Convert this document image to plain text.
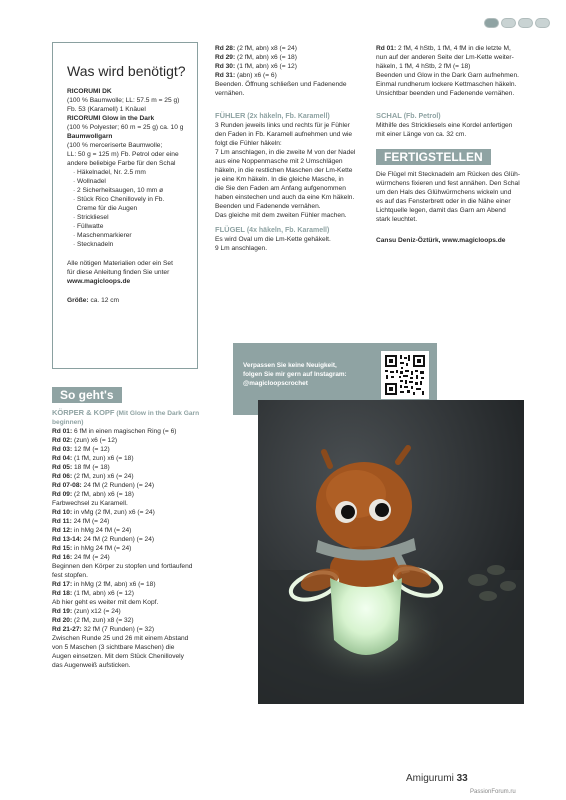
Was wird benötigt?
RICORUMI DK
(100 % Baumwolle; LL: 57.5 m = 25 g)
Fb. 53 (Karamell) 1 Knäuel
RICORUMI Glow in the Dark
(100 % Polyester; 60 m = 25 g) ca. 10 g
Baumwollgarn
(100 % merceriserte Baumwolle;
LL: 50 g = 125 m) Fb. Petrol oder eine
andere beliebige Farbe für den Schal
· Häkelnadel, Nr. 2.5 mm
· Wollnadel
· 2 Sicherheitsaugen, 10 mm ø
· Stück Rico Chenillovely in Fb.
Creme für die Augen
· Strickliesel
· Füllwatte
· Maschenmarkierer
· Stecknadeln
Alle nötigen Materialien oder ein Set
für diese Anleitung finden Sie unter
www.magicloops.de
Größe: ca. 12 cm
So geht's
KÖRPER & KOPF (Mit Glow in the Dark Garn beginnen)
Rd 01: 6 fM in einen magischen Ring (= 6)
Rd 02: (zun) x6 (= 12)
Rd 03: 12 fM (= 12)
Rd 04: (1 fM, zun) x6 (= 18)
Rd 05: 18 fM (= 18)
Rd 06: (2 fM, zun) x6 (= 24)
Rd 07-08: 24 fM (2 Runden) (= 24)
Rd 09: (2 fM, abn) x6 (= 18)
Farbwechsel zu Karamell.
Rd 10: in vMg (2 fM, zun) x6 (= 24)
Rd 11: 24 fM (= 24)
Rd 12: in hMg 24 fM (= 24)
Rd 13-14: 24 fM (2 Runden) (= 24)
Rd 15: in hMg 24 fM (= 24)
Rd 16: 24 fM (= 24)
Beginnen den Körper zu stopfen und fortlaufend
fest stopfen.
Rd 17: in hMg (2 fM, abn) x6 (= 18)
Rd 18: (1 fM, abn) x6 (= 12)
Ab hier geht es weiter mit dem Kopf.
Rd 19: (zun) x12 (= 24)
Rd 20: (2 fM, zun) x8 (= 32)
Rd 21-27: 32 fM (7 Runden) (= 32)
Zwischen Runde 25 und 26 mit einem Abstand
von 5 Maschen (3 sichtbare Maschen) die
Augen einsetzen. Mit dem Stück Chenillovely
das Augenweiß aufsticken.
Rd 28: (2 fM, abn) x8 (= 24)
Rd 29: (2 fM, abn) x6 (= 18)
Rd 30: (1 fM, abn) x6 (= 12)
Rd 31: (abn) x6 (= 6)
Beenden. Öffnung schließen und Fadenende
vernähen.
FÜHLER (2x häkeln, Fb. Karamell)
3 Runden jeweils links und rechts für je Fühler
den Faden in Fb. Karamell aufnehmen und wie
folgt die Fühler häkeln:
7 Lm anschlagen, in die zweite M von der Nadel
aus eine Noppenmasche mit 2 Umschlägen
häkeln, in die restlichen Maschen der Lm-Kette
je eine Km häkeln. In die gleiche Masche, in
die Sie den Faden am Anfang aufgenommen
haben einstechen und auch da eine Km häkeln.
Beenden und Fadenende vernähen.
Das gleiche mit dem zweiten Fühler machen.
FLÜGEL (4x häkeln, Fb. Karamell)
Es wird Oval um die Lm-Kette gehäkelt.
9 Lm anschlagen.
Rd 01: 2 fM, 4 hStb, 1 fM, 4 fM in die letzte M,
nun auf der anderen Seite der Lm-Kette weiter-
häkeln, 1 fM, 4 hStb, 2 fM (= 18)
Beenden und Glow in the Dark Garn aufnehmen.
Einmal rundherum lockere Kettmaschen häkeln.
Unsichtbar beenden und Fadenende vernähen.
SCHAL (Fb. Petrol)
Mithilfe des Strickliesels eine Kordel anfertigen
mit einer Länge von ca. 32 cm.
FERTIGSTELLEN
Die Flügel mit Stecknadeln am Rücken des Glüh-
würmchens fixieren und fest annähen. Den Schal
um den Hals des Glühwürmchens wickeln und
es auf das Fensterbrett oder in die Nähe einer
Lichtquelle legen, damit das Garn am Abend
stark leuchtet.
Cansu Deniz-Öztürk, www.magicloops.de
Verpassen Sie keine Neuigkeit,
folgen Sie mir gern auf Instagram:
@magicloopscrochet
Amigurumi 33
PassionForum.ru
